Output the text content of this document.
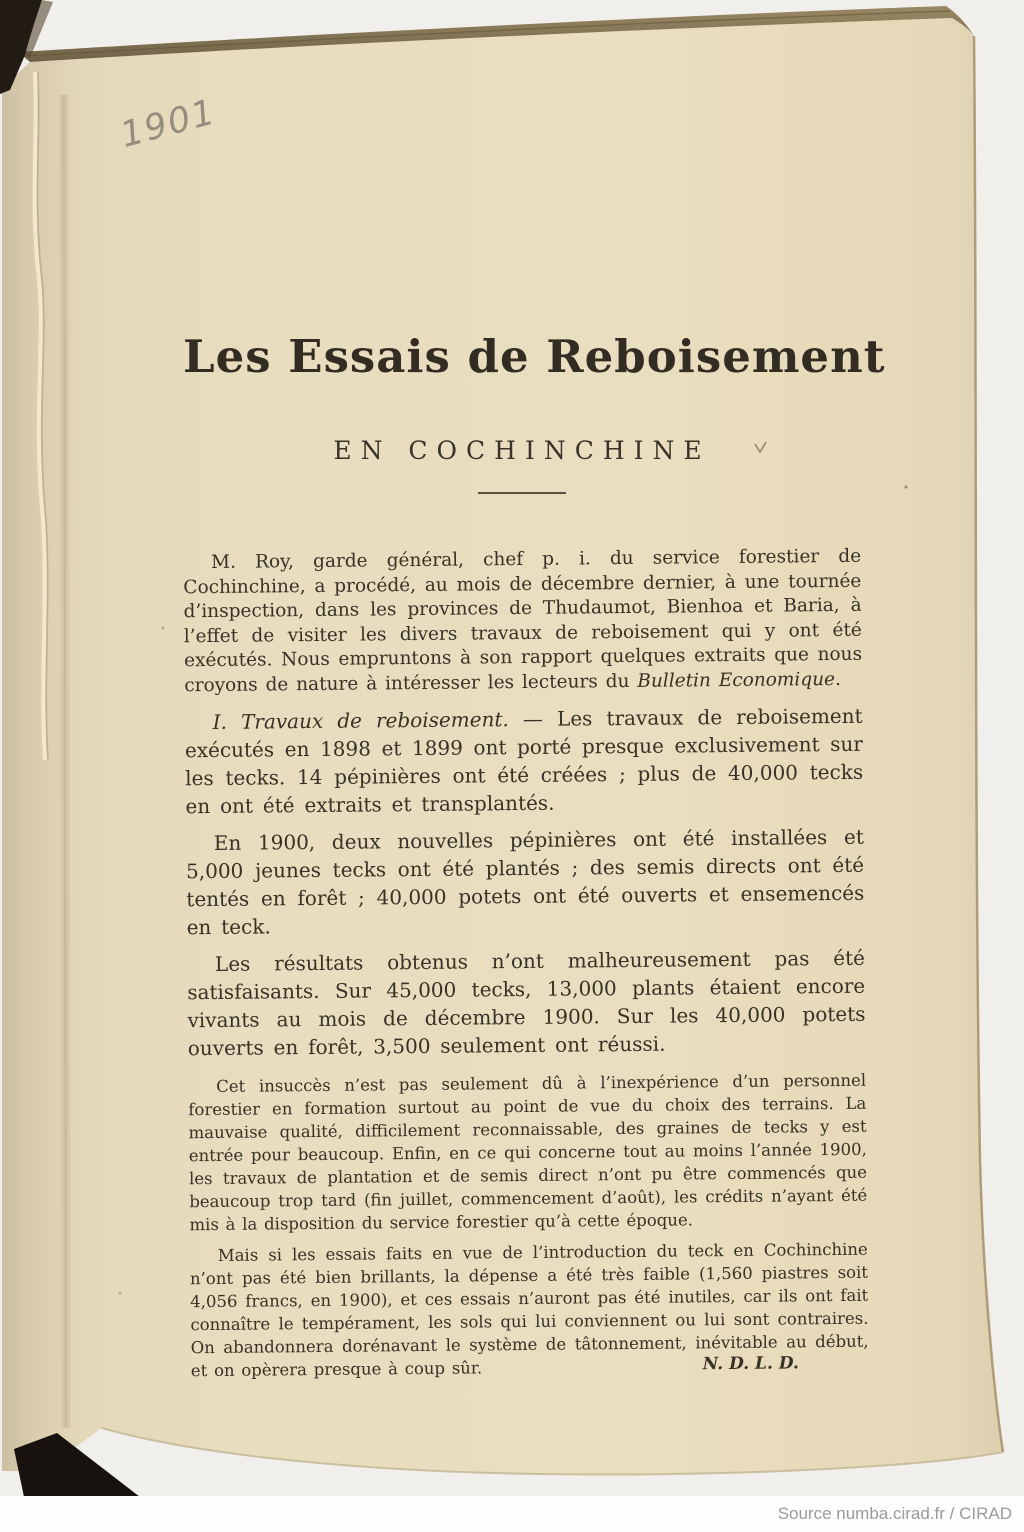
1901
Les Essais de Reboisement
EN COCHINCHINE

M. Roy, garde général, chef p. i. du service forestier de Cochinchine, a procédé, au mois de décembre dernier, à une tournée d’inspection, dans les provinces de Thudaumot, Bienhoa et Baria, à l’effet de visiter les divers travaux de reboisement qui y ont été exécutés. Nous empruntons à son rapport quelques extraits que nous croyons de nature à intéresser les lecteurs du Bulletin Economique.

I. Travaux de reboisement. — Les travaux de reboisement exécutés en 1898 et 1899 ont porté presque exclusivement sur les tecks. 14 pépinières ont été créées ; plus de 40,000 tecks en ont été extraits et transplantés.

En 1900, deux nouvelles pépinières ont été installées et 5,000 jeunes tecks ont été plantés ; des semis directs ont été tentés en forêt ; 40,000 potets ont été ouverts et ensemencés en teck.

Les résultats obtenus n’ont malheureusement pas été satisfaisants. Sur 45,000 tecks, 13,000 plants étaient encore vivants au mois de décembre 1900. Sur les 40,000 potets ouverts en forêt, 3,500 seulement ont réussi.

Cet insuccès n’est pas seulement dû à l’inexpérience d’un personnel forestier en formation surtout au point de vue du choix des terrains. La mauvaise qualité, difficilement reconnaissable, des graines de tecks y est entrée pour beaucoup. Enfin, en ce qui concerne tout au moins l’année 1900, les travaux de plantation et de semis direct n’ont pu être commencés que beaucoup trop tard (fin juillet, commencement d’août), les crédits n’ayant été mis à la disposition du service forestier qu’à cette époque.

Mais si les essais faits en vue de l’introduction du teck en Cochinchine n’ont pas été bien brillants, la dépense a été très faible (1,560 piastres soit 4,056 francs, en 1900), et ces essais n’auront pas été inutiles, car ils ont fait connaître le tempérament, les sols qui lui conviennent ou lui sont contraires. On abandonnera dorénavant le système de tâtonnement, inévitable au début, et on opèrera presque à coup sûr.	N. D. L. D.
Source numba.cirad.fr / CIRAD
